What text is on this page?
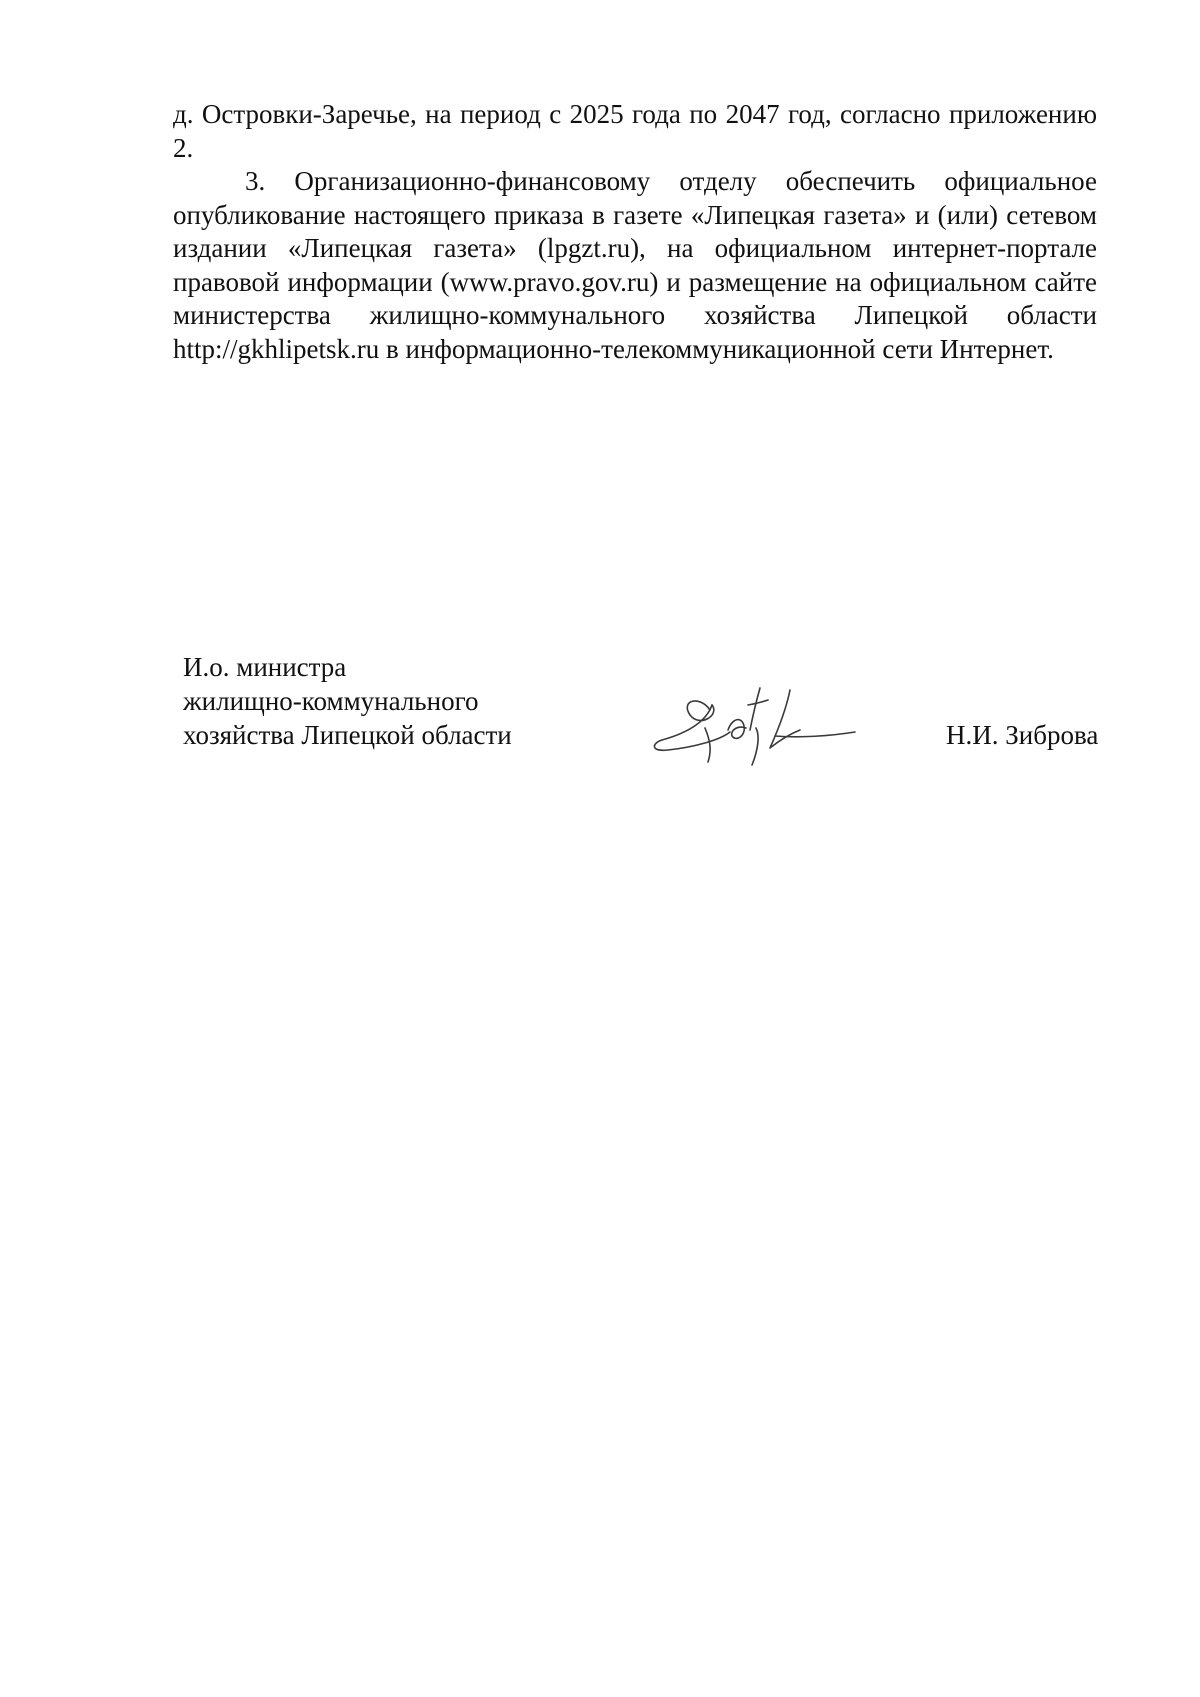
д. Островки-Заречье, на период с 2025 года по 2047 год, согласно приложению 2.

3. Организационно-финансовому отделу обеспечить официальное опубликование настоящего приказа в газете «Липецкая газета» и (или) сетевом издании «Липецкая газета» (lpgzt.ru), на официальном интернет-портале правовой информации (www.pravo.gov.ru) и размещение на официальном сайте министерства жилищно-коммунального хозяйства Липецкой области http://gkhlipetsk.ru в информационно-телекоммуникационной сети Интернет.

И.о. министра
жилищно-коммунального
хозяйства Липецкой области	Н.И. Зиброва
